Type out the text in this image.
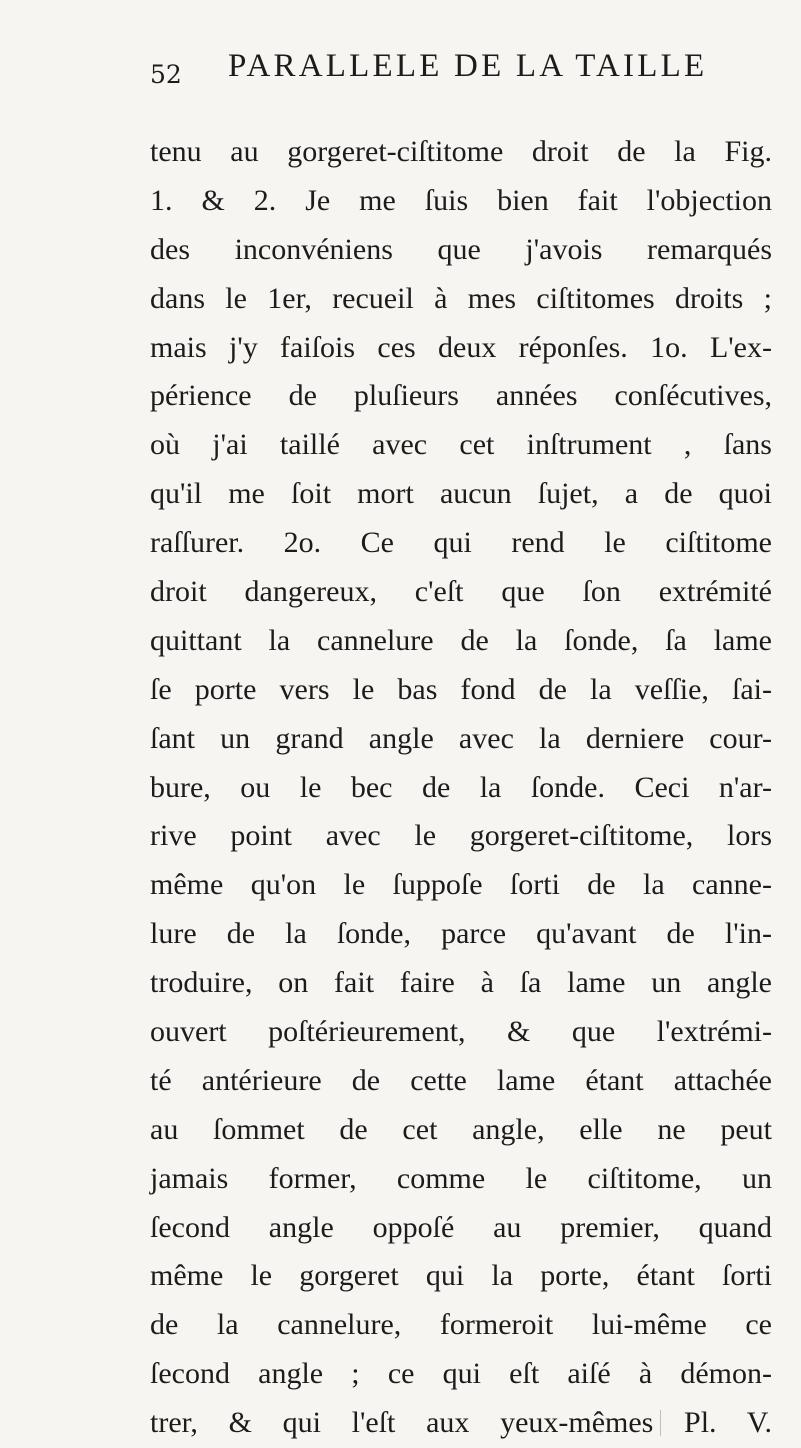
52 PARALLELE DE LA TAILLE
tenu au gorgeret-ciſtitome droit de la Fig.
1. & 2. Je me ſuis bien fait l'objection
des inconvéniens que j'avois remarqués
dans le 1er, recueil à mes ciſtitomes droits ;
mais j'y faiſois ces deux réponſes. 1o. L'ex-
périence de pluſieurs années conſécutives,
où j'ai taillé avec cet inſtrument , ſans
qu'il me ſoit mort aucun ſujet, a de quoi
raſſurer. 2o. Ce qui rend le ciſtitome
droit dangereux, c'eſt que ſon extrémité
quittant la cannelure de la ſonde, ſa lame
ſe porte vers le bas fond de la veſſie, ſai-
ſant un grand angle avec la derniere cour-
bure, ou le bec de la ſonde. Ceci n'ar-
rive point avec le gorgeret-ciſtitome, lors
même qu'on le ſuppoſe ſorti de la canne-
lure de la ſonde, parce qu'avant de l'in-
troduire, on fait faire à ſa lame un angle
ouvert poſtérieurement, & que l'extrémi-
té antérieure de cette lame étant attachée
au ſommet de cet angle, elle ne peut
jamais former, comme le ciſtitome, un
ſecond angle oppoſé au premier, quand
même le gorgeret qui la porte, étant ſorti
de la cannelure, formeroit lui-même ce
ſecond angle ; ce qui eſt aiſé à démon-
trer, & qui l'eſt aux yeux-mêmes Pl. V.
